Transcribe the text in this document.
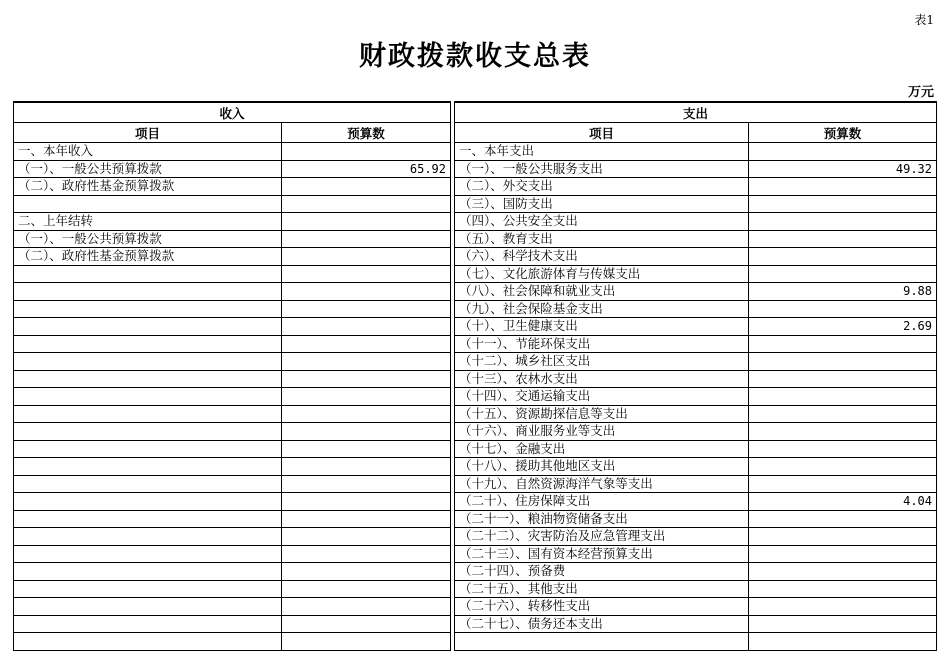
表1
财政拨款收支总表
万元
收入	
项目	预算数
一、本年收入	
（一）、一般公共预算拨款	65.92
（二）、政府性基金预算拨款	

二、上年结转	
（一）、一般公共预算拨款	
（二）、政府性基金预算拨款	

支出	
项目	预算数
一、本年支出	
（一）、一般公共服务支出	49.32
（二）、外交支出	
（三）、国防支出	
（四）、公共安全支出	
（五）、教育支出	
（六）、科学技术支出	
（七）、文化旅游体育与传媒支出	
（八）、社会保障和就业支出	9.88
（九）、社会保险基金支出	
（十）、卫生健康支出	2.69
（十一）、节能环保支出	
（十二）、城乡社区支出	
（十三）、农林水支出	
（十四）、交通运输支出	
（十五）、资源勘探信息等支出	
（十六）、商业服务业等支出	
（十七）、金融支出	
（十八）、援助其他地区支出	
（十九）、自然资源海洋气象等支出	
（二十）、住房保障支出	4.04
（二十一）、粮油物资储备支出	
（二十二）、灾害防治及应急管理支出	
（二十三）、国有资本经营预算支出	
（二十四）、预备费	
（二十五）、其他支出	
（二十六）、转移性支出	
（二十七）、债务还本支出	
